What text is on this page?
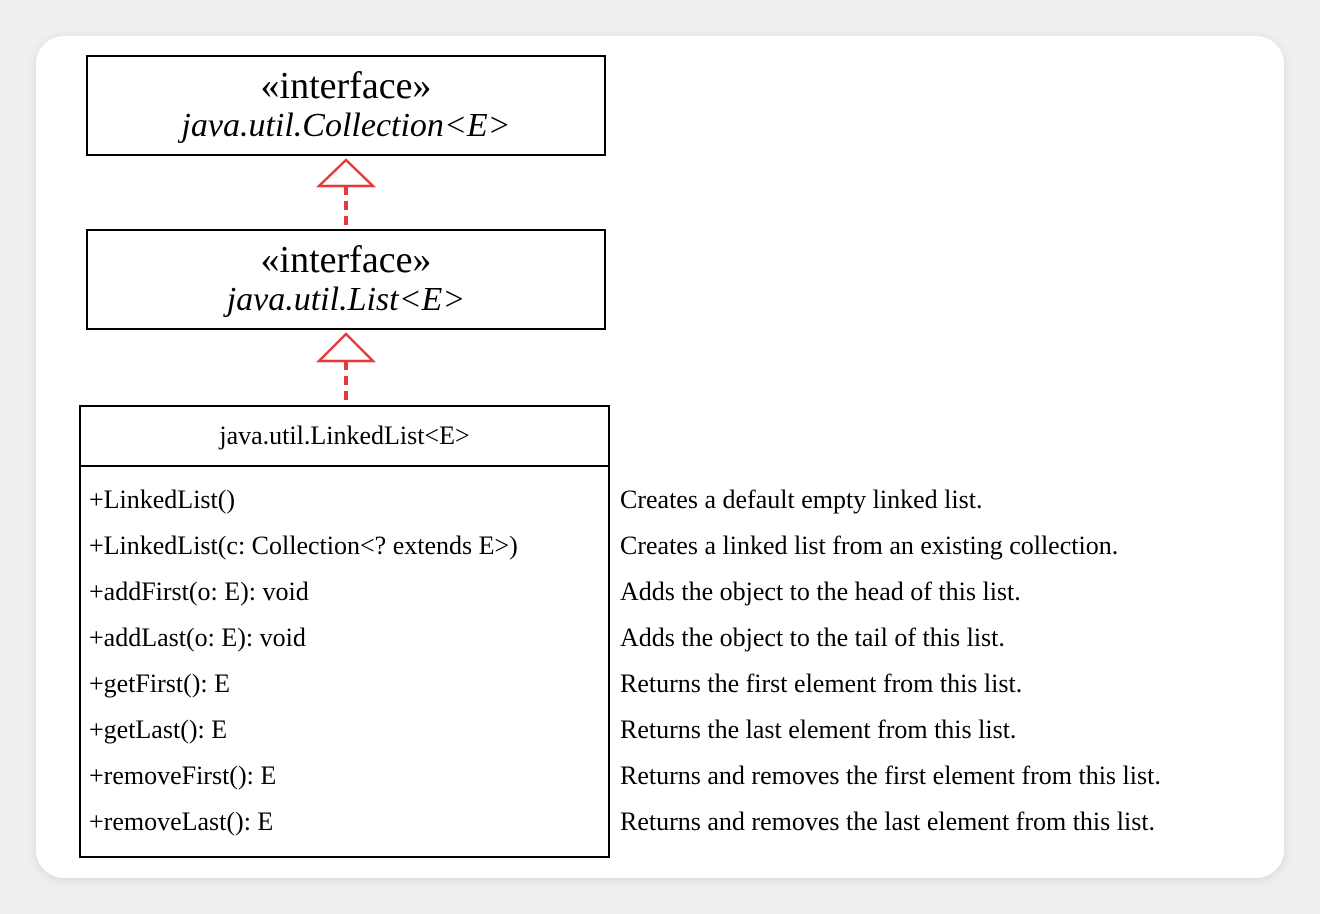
«interface»
java.util.Collection<E>
«interface»
java.util.List<E>
java.util.LinkedList<E>
+LinkedList()
+LinkedList(c: Collection<? extends E>)
+addFirst(o: E): void
+addLast(o: E): void
+getFirst(): E
+getLast(): E
+removeFirst(): E
+removeLast(): E
Creates a default empty linked list.
Creates a linked list from an existing collection.
Adds the object to the head of this list.
Adds the object to the tail of this list.
Returns the first element from this list.
Returns the last element from this list.
Returns and removes the first element from this list.
Returns and removes the last element from this list.
